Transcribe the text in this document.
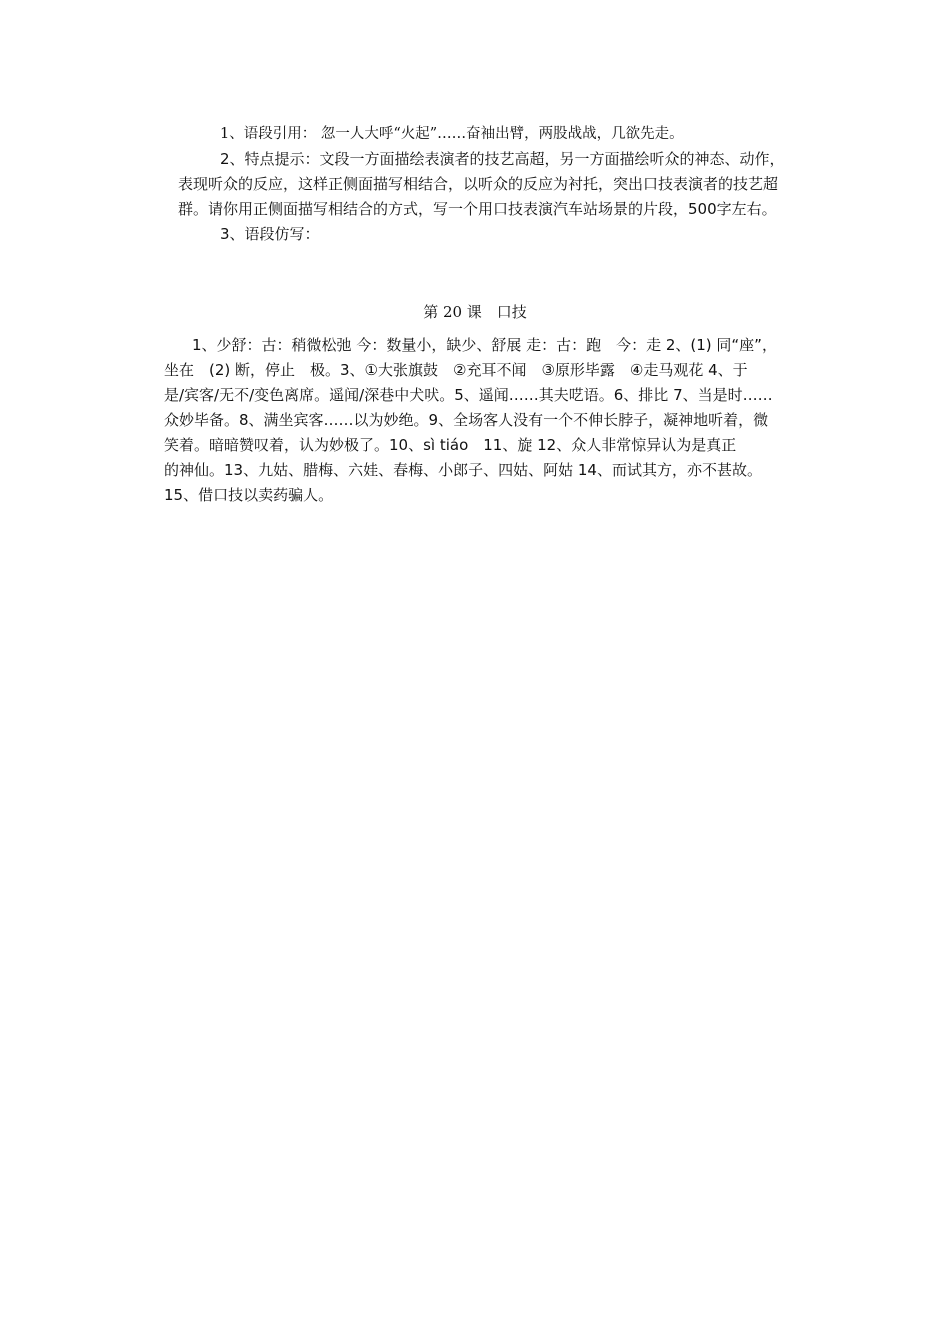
1、语段引用： 忽一人大呼“火起”……奋袖出臂，两股战战，几欲先走。
2、特点提示：文段一方面描绘表演者的技艺高超，另一方面描绘听众的神态、动作，
表现听众的反应，这样正侧面描写相结合，以听众的反应为衬托，突出口技表演者的技艺超
群。请你用正侧面描写相结合的方式，写一个用口技表演汽车站场景的片段，500字左右。
3、语段仿写：
第 20 课　口技
1、少舒：古：稍微松弛 今：数量小，缺少、舒展 走：古：跑　今：走 2、(1) 同“座”，
坐在　(2) 断，停止　极。3、①大张旗鼓　②充耳不闻　③原形毕露　④走马观花 4、于
是/宾客/无不/变色离席。遥闻/深巷中犬吠。5、遥闻……其夫呓语。6、排比 7、当是时……
众妙毕备。8、满坐宾客……以为妙绝。9、全场客人没有一个不伸长脖子，凝神地听着，微
笑着。暗暗赞叹着，认为妙极了。10、sì tiáo　11、旋 12、众人非常惊异认为是真正
的神仙。13、九姑、腊梅、六娃、春梅、小郎子、四姑、阿姑 14、而试其方，亦不甚故。
15、借口技以卖药骗人。
